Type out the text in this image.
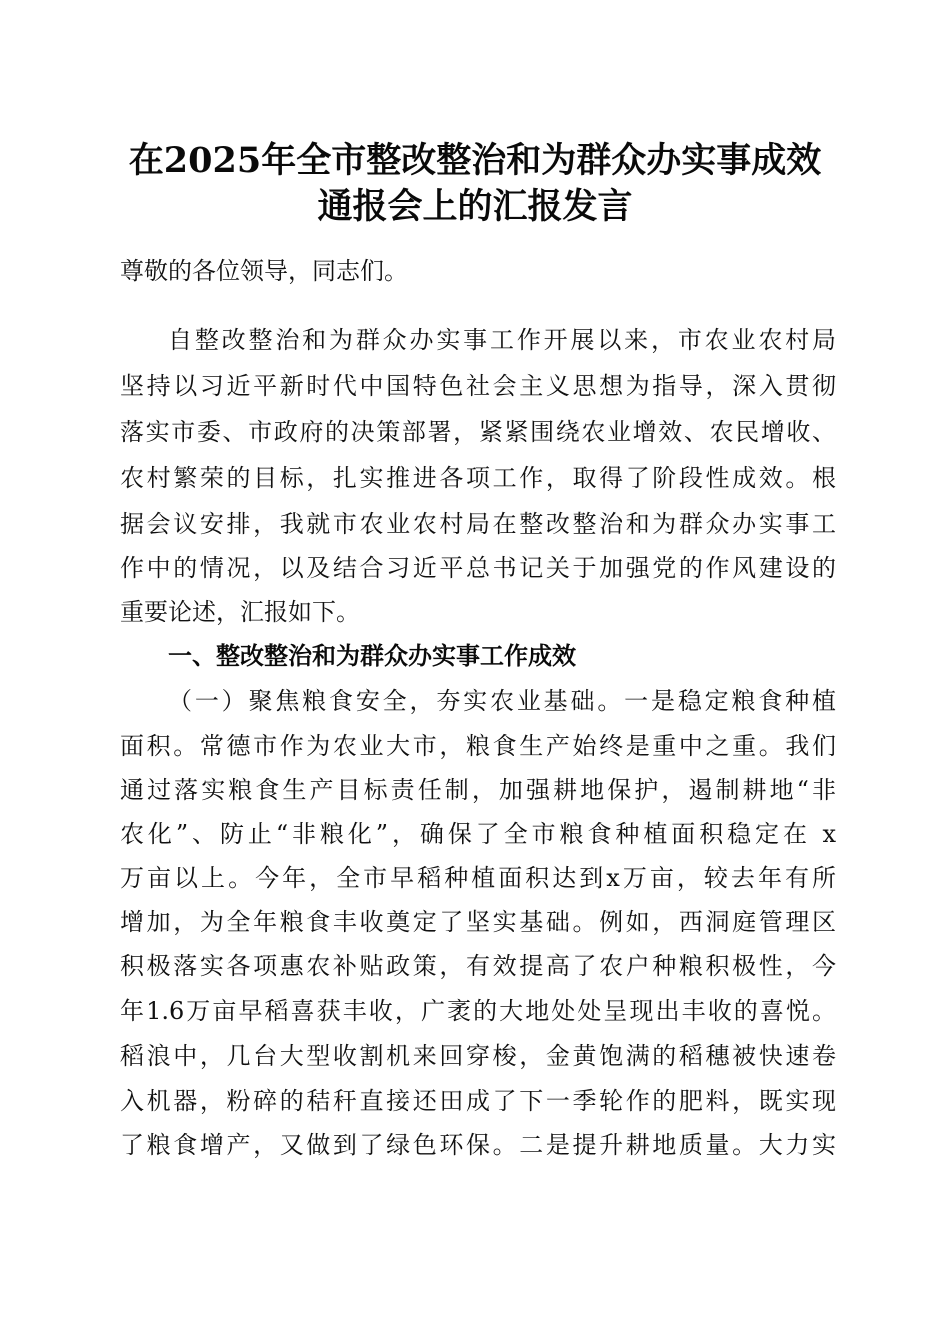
在2025年全市整改整治和为群众办实事成效
通报会上的汇报发言
尊敬的各位领导，同志们。
自整改整治和为群众办实事工作开展以来，市农业农村局
坚持以习近平新时代中国特色社会主义思想为指导，深入贯彻
落实市委、市政府的决策部署，紧紧围绕农业增效、农民增收、
农村繁荣的目标，扎实推进各项工作，取得了阶段性成效。根
据会议安排，我就市农业农村局在整改整治和为群众办实事工
作中的情况，以及结合习近平总书记关于加强党的作风建设的
重要论述，汇报如下。
一、整改整治和为群众办实事工作成效
（一）聚焦粮食安全，夯实农业基础。一是稳定粮食种植
面积。常德市作为农业大市，粮食生产始终是重中之重。我们
通过落实粮食生产目标责任制，加强耕地保护，遏制耕地“非
农化”、防止“非粮化”，确保了全市粮食种植面积稳定在 x
万亩以上。今年，全市早稻种植面积达到x万亩，较去年有所
增加，为全年粮食丰收奠定了坚实基础。例如，西洞庭管理区
积极落实各项惠农补贴政策，有效提高了农户种粮积极性，今
年1.6万亩早稻喜获丰收，广袤的大地处处呈现出丰收的喜悦。
稻浪中，几台大型收割机来回穿梭，金黄饱满的稻穗被快速卷
入机器，粉碎的秸秆直接还田成了下一季轮作的肥料，既实现
了粮食增产，又做到了绿色环保。二是提升耕地质量。大力实
